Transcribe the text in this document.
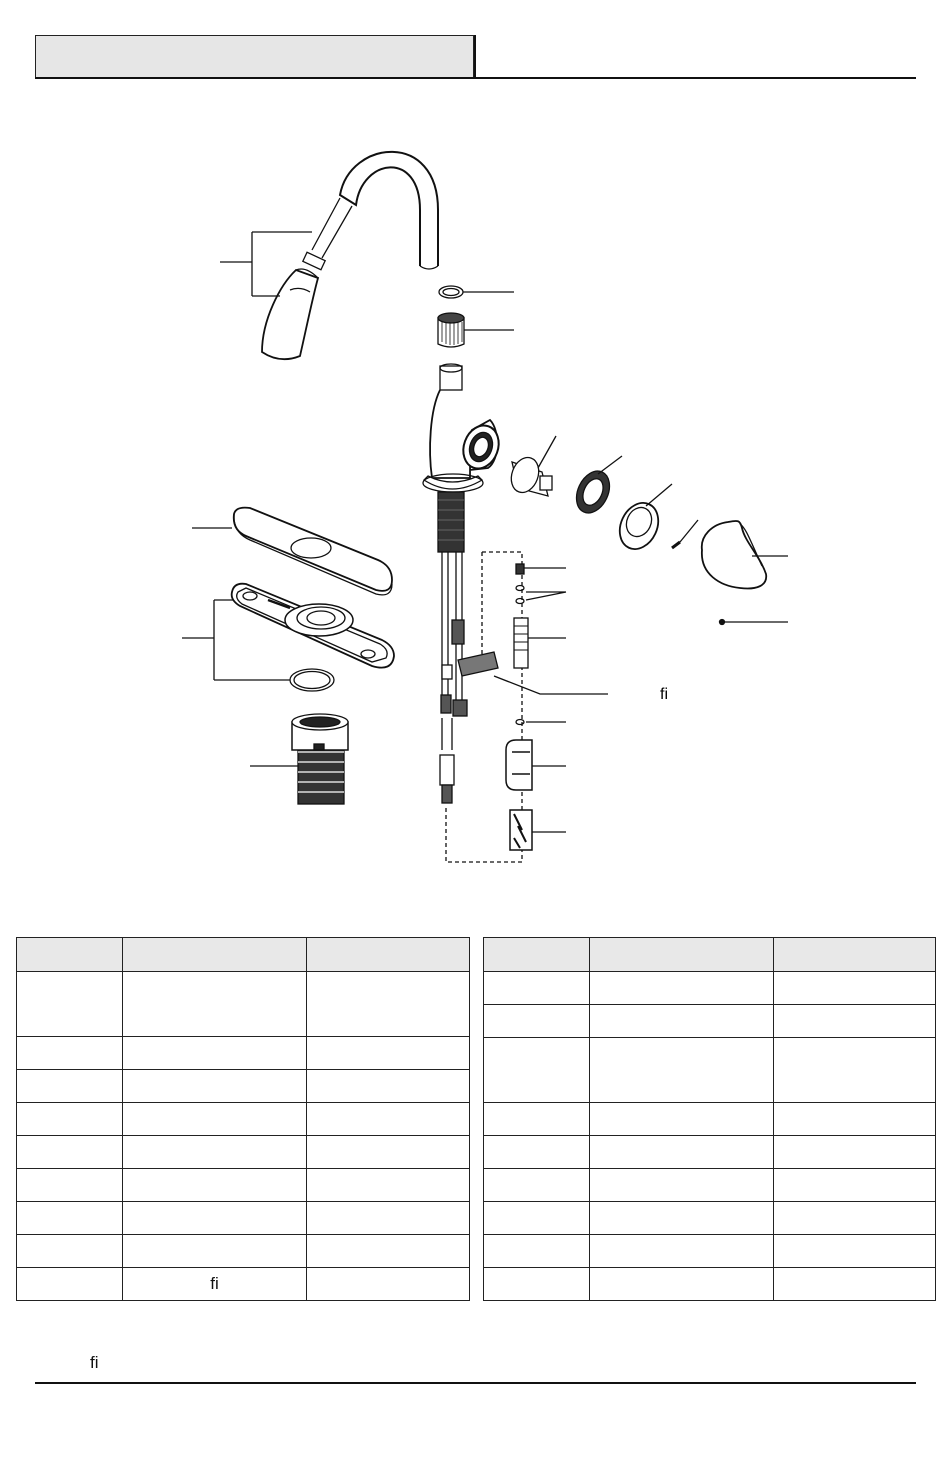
fi

	fi	

fi
